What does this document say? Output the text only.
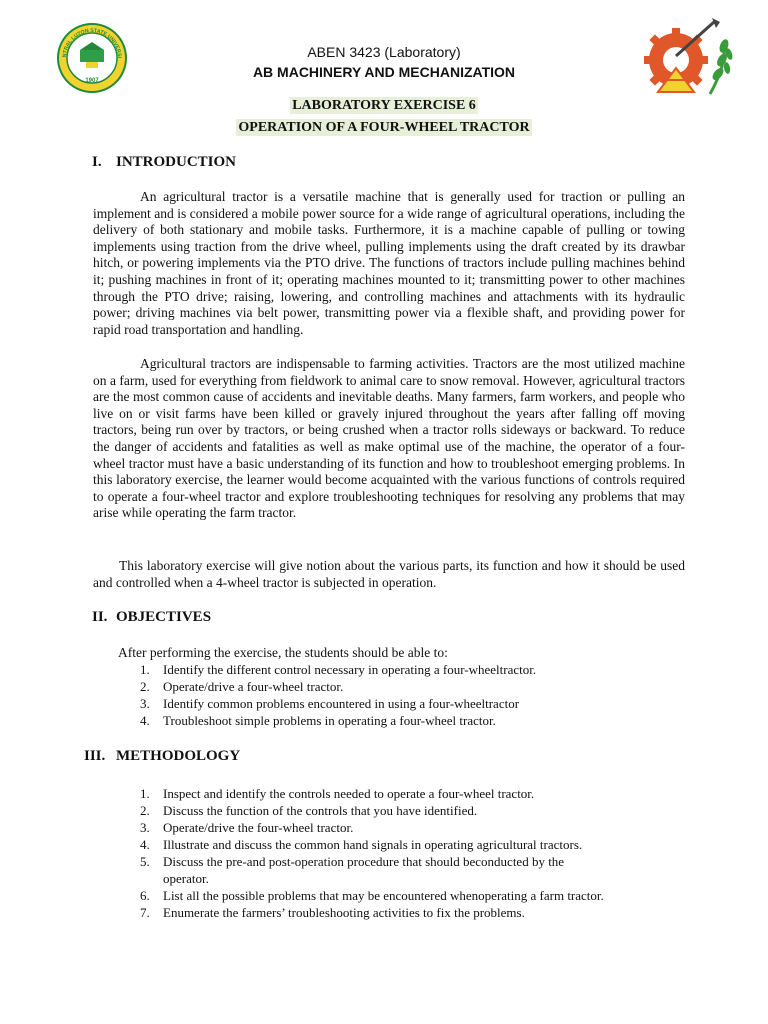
NTRAL LUZON STATE UNIVERSI
1907
ABEN 3423 (Laboratory)
AB MACHINERY AND MECHANIZATION
LABORATORY EXERCISE 6
OPERATION OF A FOUR-WHEEL TRACTOR
I. INTRODUCTION

An agricultural tractor is a versatile machine that is generally used for traction or pulling an implement and is considered a mobile power source for a wide range of agricultural operations, including the delivery of both stationary and mobile tasks. Furthermore, it is a machine capable of pulling or towing implements using traction from the drive wheel, pulling implements using the draft created by its drawbar hitch, or powering implements via the PTO drive. The functions of tractors include pulling machines behind it; pushing machines in front of it; operating machines mounted to it; transmitting power to other machines through the PTO drive; raising, lowering, and controlling machines and attachments with its hydraulic power; driving machines via belt power, transmitting power via a flexible shaft, and providing power for rapid road transportation and handling.

Agricultural tractors are indispensable to farming activities. Tractors are the most utilized machine on a farm, used for everything from fieldwork to animal care to snow removal. However, agricultural tractors are the most common cause of accidents and inevitable deaths. Many farmers, farm workers, and people who live on or visit farms have been killed or gravely injured throughout the years after falling off moving tractors, being run over by tractors, or being crushed when a tractor rolls sideways or backward. To reduce the danger of accidents and fatalities as well as make optimal use of the machine, the operator of a four-wheel tractor must have a basic understanding of its function and how to troubleshoot emerging problems. In this laboratory exercise, the learner would become acquainted with the various functions of controls required to operate a four-wheel tractor and explore troubleshooting techniques for resolving any problems that may arise while operating the farm tractor.

This laboratory exercise will give notion about the various parts, its function and how it should be used and controlled when a 4-wheel tractor is subjected in operation.

II. OBJECTIVES
After performing the exercise, the students should be able to:
1. Identify the different control necessary in operating a four-wheeltractor.
2. Operate/drive a four-wheel tractor.
3. Identify common problems encountered in using a four-wheeltractor
4. Troubleshoot simple problems in operating a four-wheel tractor.
III. METHODOLOGY
1. Inspect and identify the controls needed to operate a four-wheel tractor.
2. Discuss the function of the controls that you have identified.
3. Operate/drive the four-wheel tractor.
4. Illustrate and discuss the common hand signals in operating agricultural tractors.
5. Discuss the pre-and post-operation procedure that should beconducted by the operator.
6. List all the possible problems that may be encountered whenoperating a farm tractor.
7. Enumerate the farmers’ troubleshooting activities to fix the problems.
